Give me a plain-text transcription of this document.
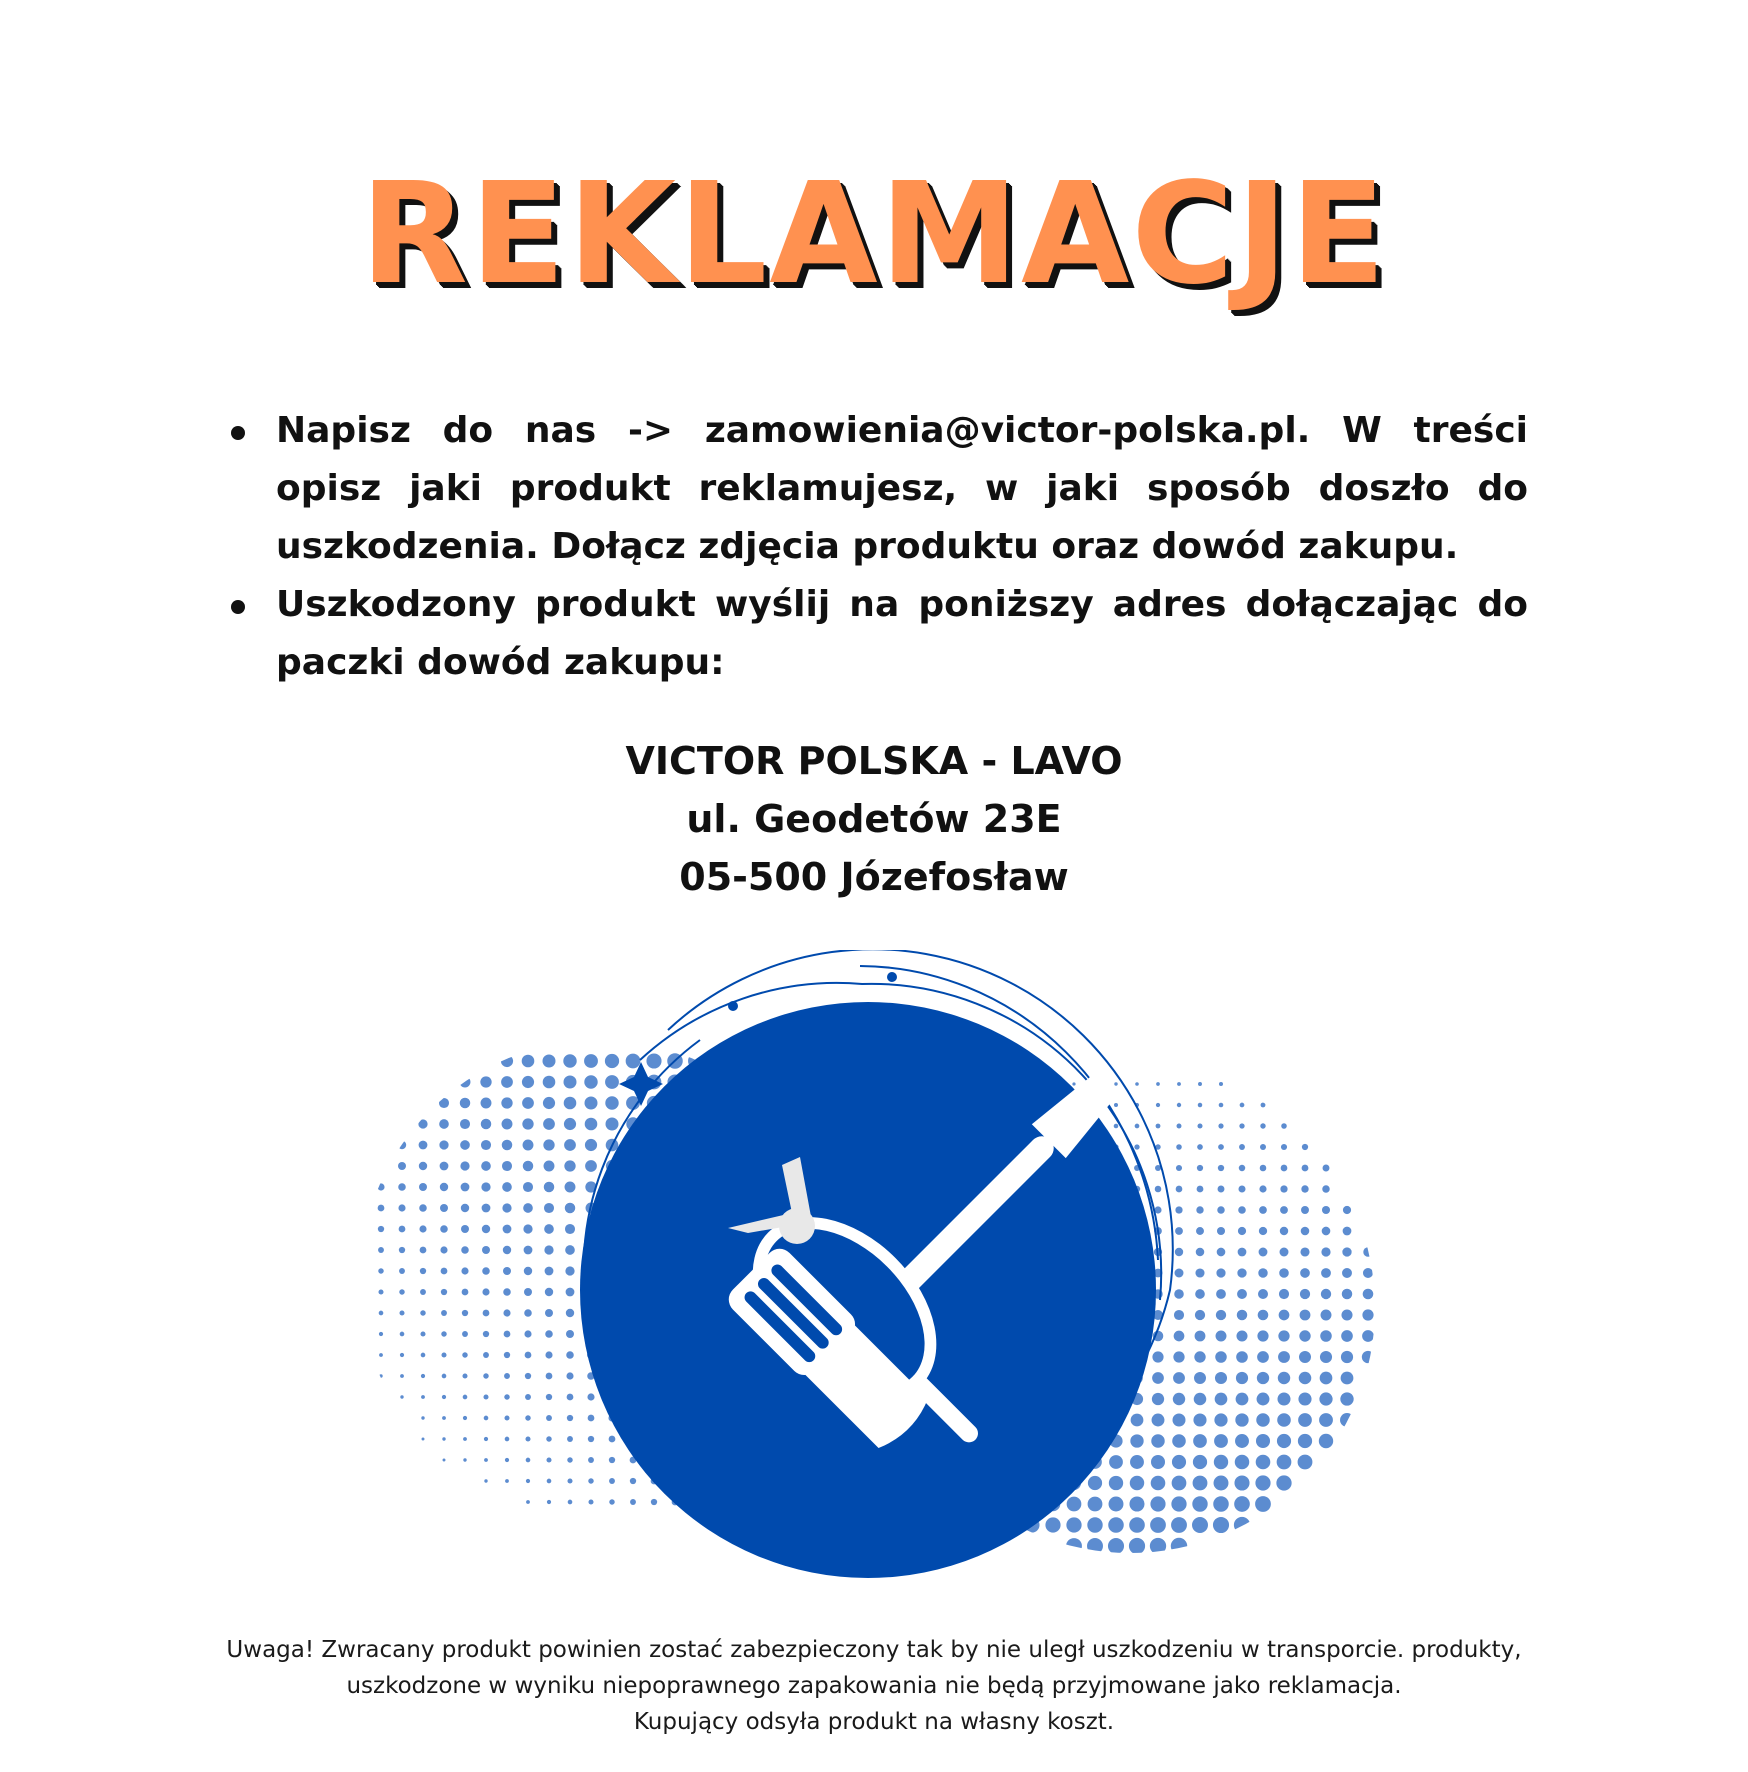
REKLAMACJE
Napisz do nas -> zamowienia@victor-polska.pl. W treści opisz jaki produkt reklamujesz, w jaki sposób doszło do uszkodzenia. Dołącz zdjęcia produktu oraz dowód zakupu.
Uszkodzony produkt wyślij na poniższy adres dołączając do paczki dowód zakupu:
VICTOR POLSKA - LAVO
ul. Geodetów 23E
05-500 Józefosław
Uwaga! Zwracany produkt powinien zostać zabezpieczony tak by nie uległ uszkodzeniu w transporcie. produkty,
uszkodzone w wyniku niepoprawnego zapakowania nie będą przyjmowane jako reklamacja.
Kupujący odsyła produkt na własny koszt.
